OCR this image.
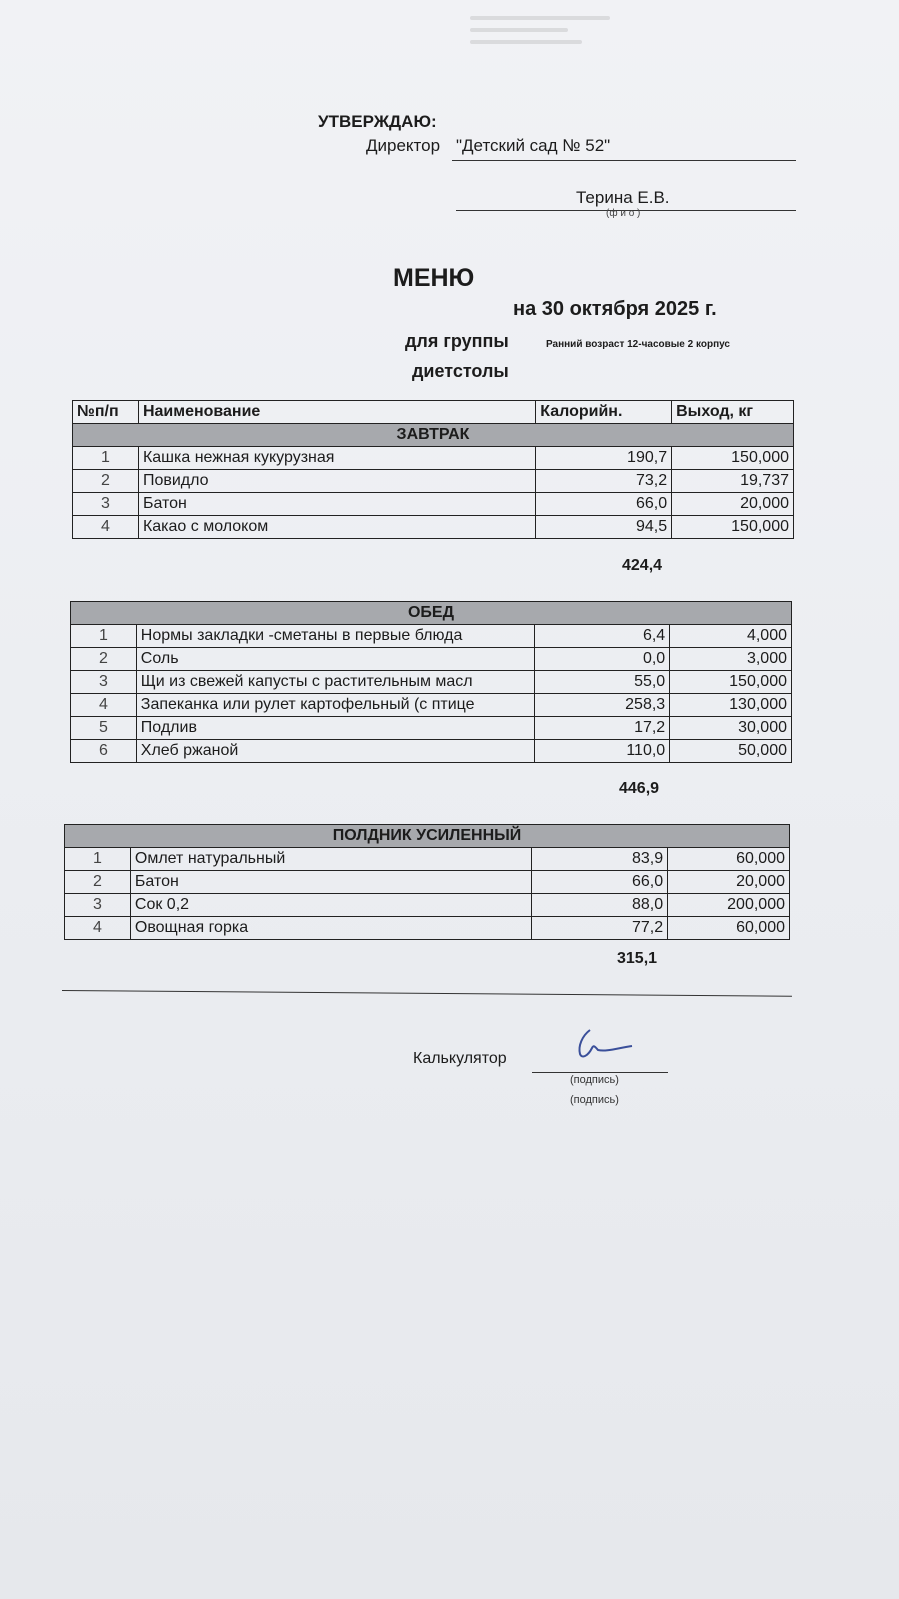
УТВЕРЖДАЮ:
Директор "Детский сад № 52"
Терина Е.В.
(ф и о )
МЕНЮ
на 30 октября 2025 г.
для группы	Ранний возраст 12-часовые 2 корпус
диетстолы
№п/п	Наименование	Калорийн.	Выход, кг
ЗАВТРАК			
1	Кашка нежная кукурузная	190,7	150,000
2	Повидло	73,2	19,737
3	Батон	66,0	20,000
4	Какао с молоком	94,5	150,000
424,4
ОБЕД			
1	Нормы закладки -сметаны в первые блюда	6,4	4,000
2	Соль	0,0	3,000
3	Щи из свежей капусты с растительным масл	55,0	150,000
4	Запеканка или рулет картофельный (с птице	258,3	130,000
5	Подлив	17,2	30,000
6	Хлеб ржаной	110,0	50,000
446,9
ПОЛДНИК УСИЛЕННЫЙ			
1	Омлет натуральный	83,9	60,000
2	Батон	66,0	20,000
3	Сок 0,2	88,0	200,000
4	Овощная горка	77,2	60,000
315,1
Калькулятор
(подпись)
(подпись)
